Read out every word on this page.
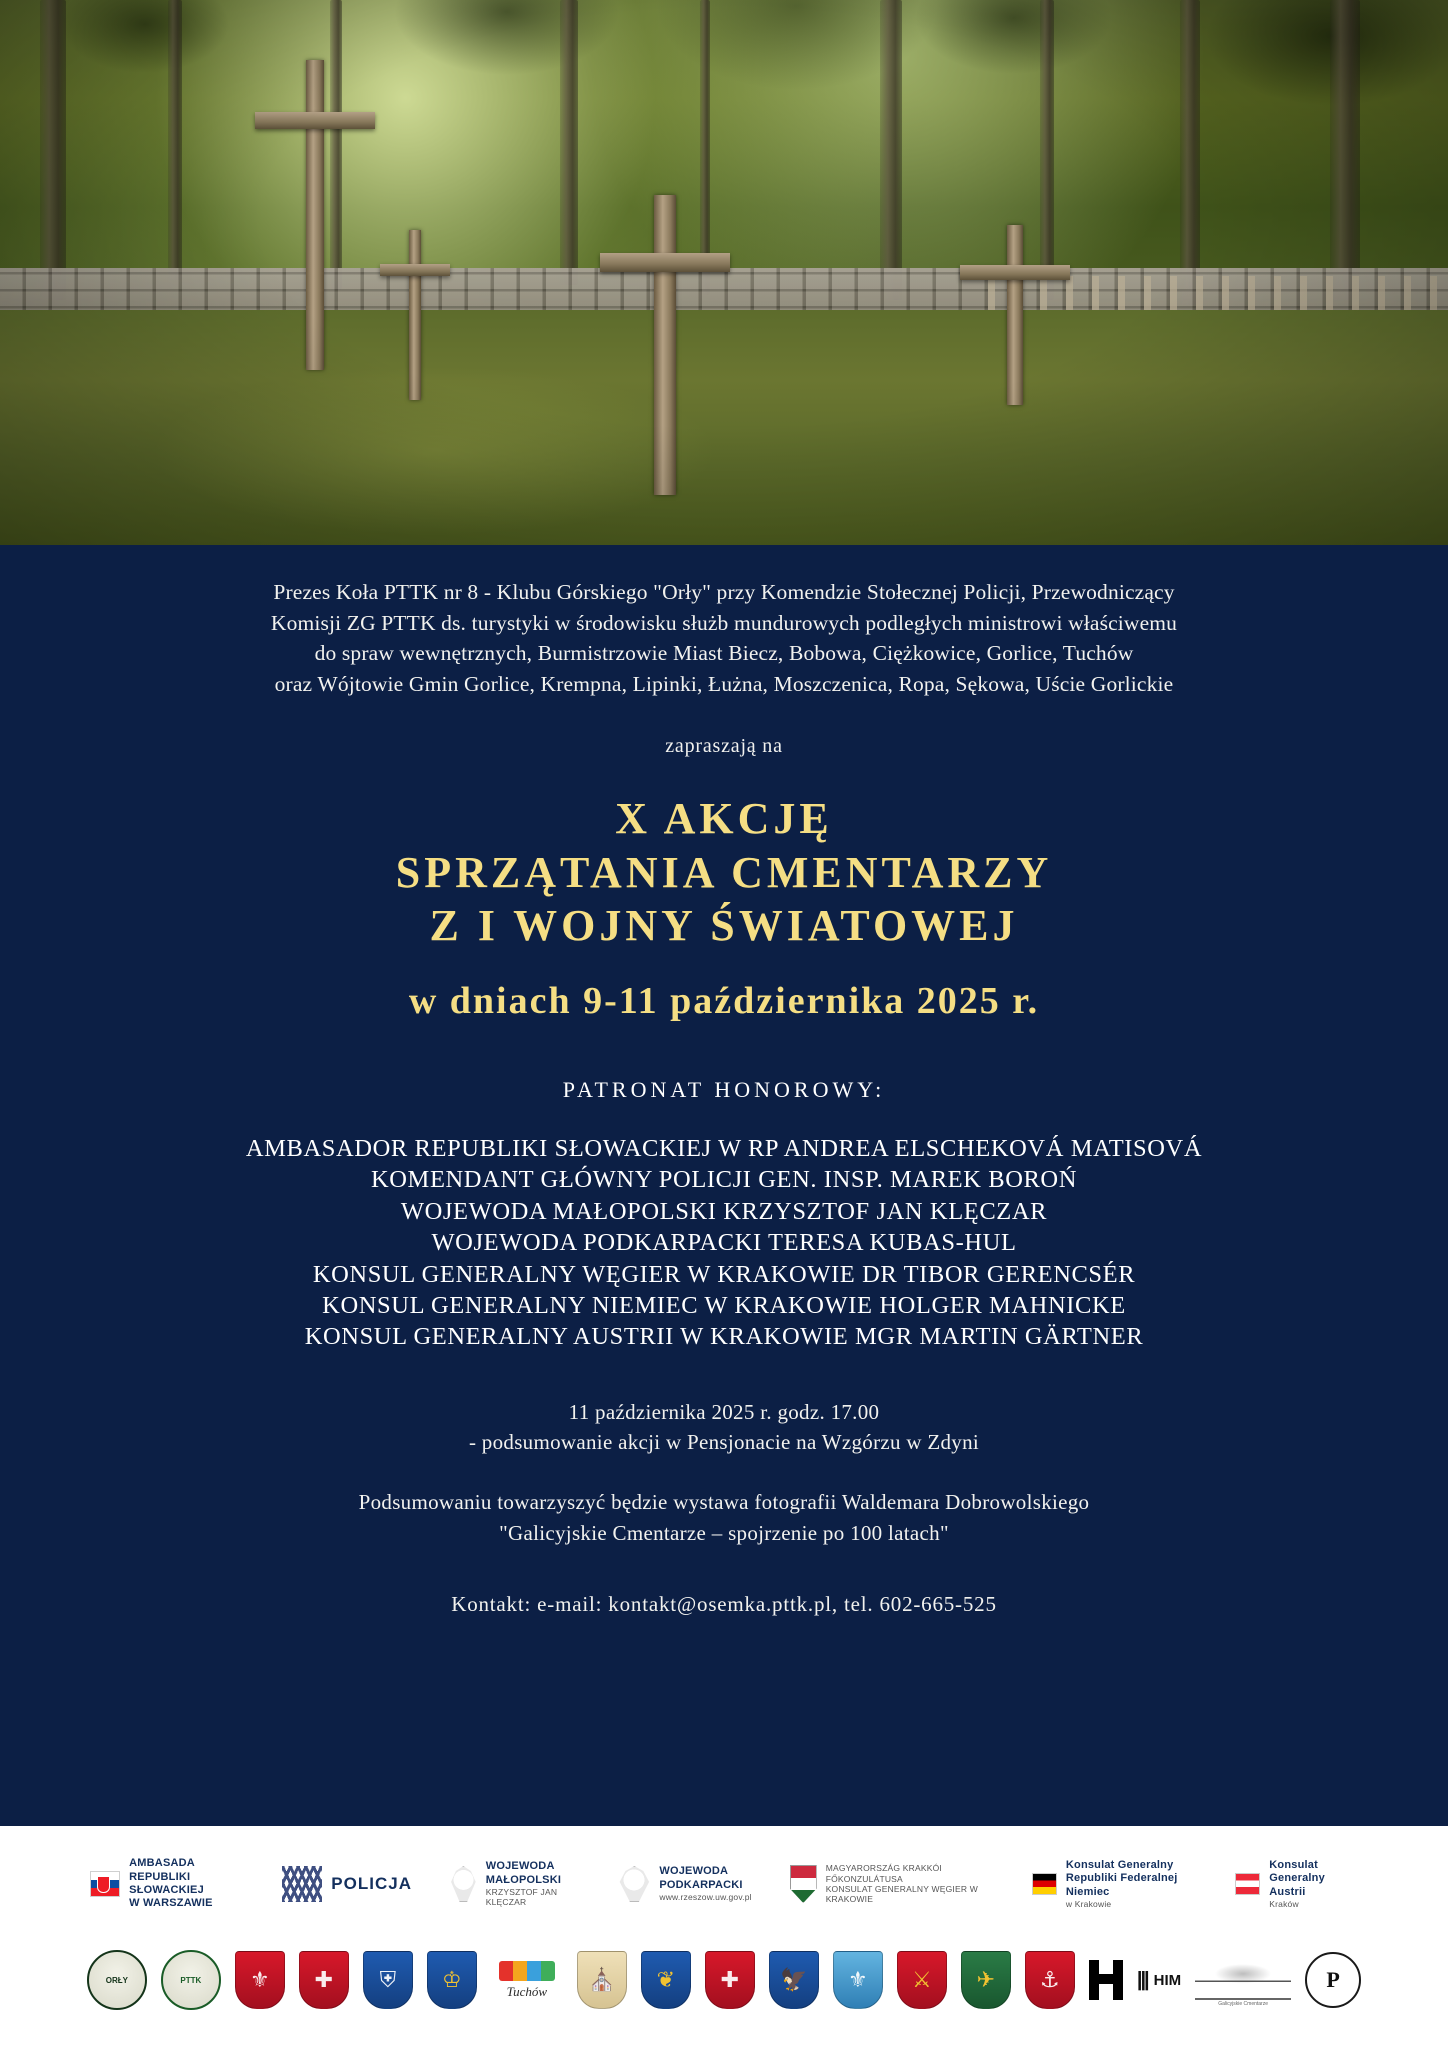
Prezes Koła PTTK nr 8 - Klubu Górskiego "Orły" przy Komendzie Stołecznej Policji, Przewodniczący
Komisji ZG PTTK ds. turystyki w środowisku służb mundurowych podległych ministrowi właściwemu
do spraw wewnętrznych, Burmistrzowie Miast Biecz, Bobowa, Ciężkowice, Gorlice, Tuchów
oraz Wójtowie Gmin Gorlice, Krempna, Lipinki, Łużna, Moszczenica, Ropa, Sękowa, Uście Gorlickie
zapraszają na
X AKCJĘ
SPRZĄTANIA CMENTARZY
Z I WOJNY ŚWIATOWEJ
w dniach 9-11 października 2025 r.
PATRONAT HONOROWY:
AMBASADOR REPUBLIKI SŁOWACKIEJ W RP ANDREA ELSCHEKOVÁ MATISOVÁ
KOMENDANT GŁÓWNY POLICJI GEN. INSP. MAREK BOROŃ
WOJEWODA MAŁOPOLSKI KRZYSZTOF JAN KLĘCZAR
WOJEWODA PODKARPACKI TERESA KUBAS-HUL
KONSUL GENERALNY WĘGIER W KRAKOWIE DR TIBOR GERENCSÉR
KONSUL GENERALNY NIEMIEC W KRAKOWIE HOLGER MAHNICKE
KONSUL GENERALNY AUSTRII W KRAKOWIE MGR MARTIN GÄRTNER
11 października 2025 r. godz. 17.00
- podsumowanie akcji w Pensjonacie na Wzgórzu w Zdyni
Podsumowaniu towarzyszyć będzie wystawa fotografii Waldemara Dobrowolskiego
"Galicyjskie Cmentarze – spojrzenie po 100 latach"
Kontakt: e-mail: kontakt@osemka.pttk.pl, tel. 602-665-525
AMBASADA
REPUBLIKI SŁOWACKIEJ
W WARSZAWIE
POLICJA
WOJEWODA
MAŁOPOLSKI
KRZYSZTOF JAN KLĘCZAR
WOJEWODA
PODKARPACKI
www.rzeszow.uw.gov.pl
MAGYARORSZÁG KRAKKÓI FŐKONZULÁTUSA
KONSULAT GENERALNY WĘGIER W KRAKOWIE
Konsulat Generalny
Republiki Federalnej Niemiec
w Krakowie
Konsulat Generalny
Austrii
Kraków
ORŁY	PTTK	⚜	✚	⛨	♔	Tuchów	⛪	❦	✚	🦅	⚜	⚔	✈	⚓	||| HIM
Galicyjskie Cmentarze
P
